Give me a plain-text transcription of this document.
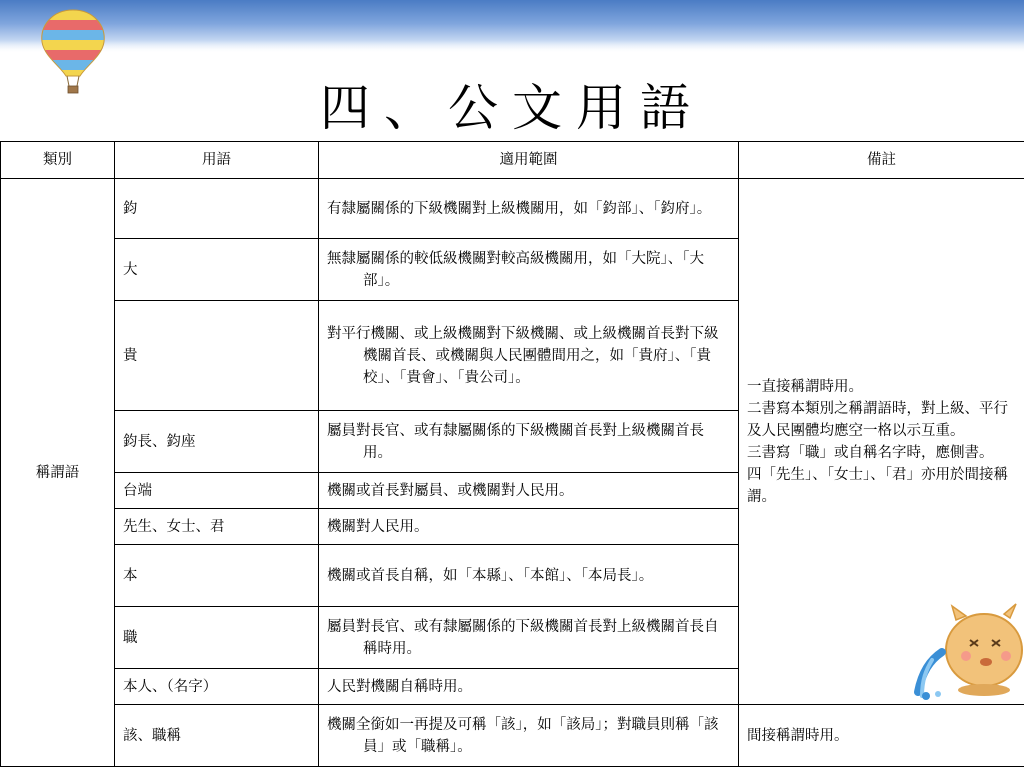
四、公文用語
類別	用語	適用範圍	備註
稱謂語	鈞	有隸屬關係的下級機關對上級機關用，如「鈞部」、「鈞府」。	一直接稱謂時用。
二書寫本類別之稱謂語時，對上級、平行及人民團體均應空一格以示互重。
三書寫「職」或自稱名字時，應側書。
四「先生」、「女士」、「君」亦用於間接稱謂。

	大	無隸屬關係的較低級機關對較高級機關用，如「大院」、「大部」。	

	貴	對平行機關、或上級機關對下級機關、或上級機關首長對下級機關首長、或機關與人民團體間用之，如「貴府」、「貴校」、「貴會」、「貴公司」。	

	鈞長、鈞座	屬員對長官、或有隸屬關係的下級機關首長對上級機關首長用。	

	台端	機關或首長對屬員、或機關對人民用。	

	先生、女士、君	機關對人民用。	

	本	機關或首長自稱，如「本縣」、「本館」、「本局長」。	

	職	屬員對長官、或有隸屬關係的下級機關首長對上級機關首長自稱時用。	

	本人、（名字）	人民對機關自稱時用。	

	該、職稱	機關全銜如一再提及可稱「該」，如「該局」；對職員則稱「該員」或「職稱」。	間接稱謂時用。
